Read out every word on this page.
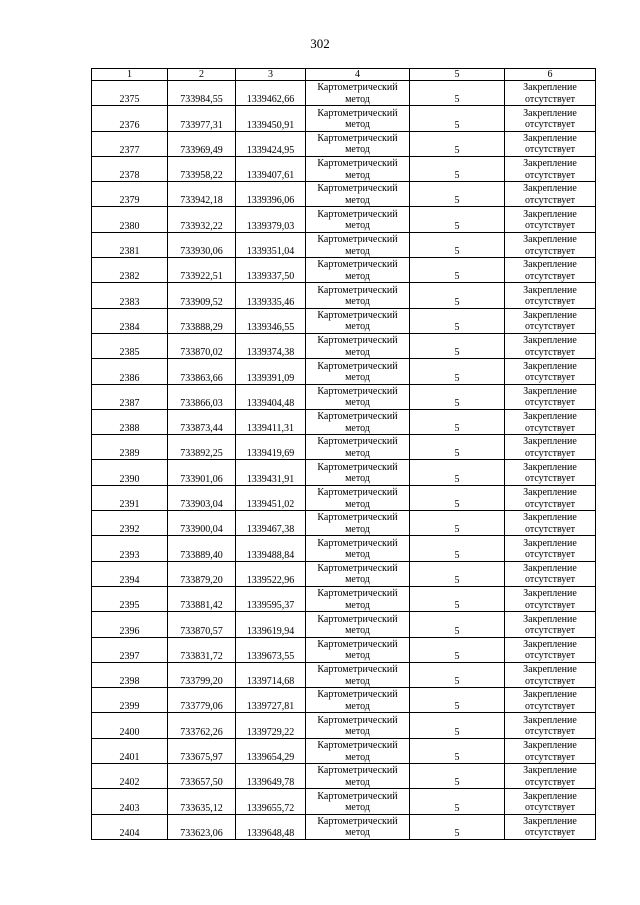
302
1	2	3	4	5	6
2375	733984,55	1339462,66	Картометрический метод	5	Закрепление отсутствует
2376	733977,31	1339450,91	Картометрический метод	5	Закрепление отсутствует
2377	733969,49	1339424,95	Картометрический метод	5	Закрепление отсутствует
2378	733958,22	1339407,61	Картометрический метод	5	Закрепление отсутствует
2379	733942,18	1339396,06	Картометрический метод	5	Закрепление отсутствует
2380	733932,22	1339379,03	Картометрический метод	5	Закрепление отсутствует
2381	733930,06	1339351,04	Картометрический метод	5	Закрепление отсутствует
2382	733922,51	1339337,50	Картометрический метод	5	Закрепление отсутствует
2383	733909,52	1339335,46	Картометрический метод	5	Закрепление отсутствует
2384	733888,29	1339346,55	Картометрический метод	5	Закрепление отсутствует
2385	733870,02	1339374,38	Картометрический метод	5	Закрепление отсутствует
2386	733863,66	1339391,09	Картометрический метод	5	Закрепление отсутствует
2387	733866,03	1339404,48	Картометрический метод	5	Закрепление отсутствует
2388	733873,44	1339411,31	Картометрический метод	5	Закрепление отсутствует
2389	733892,25	1339419,69	Картометрический метод	5	Закрепление отсутствует
2390	733901,06	1339431,91	Картометрический метод	5	Закрепление отсутствует
2391	733903,04	1339451,02	Картометрический метод	5	Закрепление отсутствует
2392	733900,04	1339467,38	Картометрический метод	5	Закрепление отсутствует
2393	733889,40	1339488,84	Картометрический метод	5	Закрепление отсутствует
2394	733879,20	1339522,96	Картометрический метод	5	Закрепление отсутствует
2395	733881,42	1339595,37	Картометрический метод	5	Закрепление отсутствует
2396	733870,57	1339619,94	Картометрический метод	5	Закрепление отсутствует
2397	733831,72	1339673,55	Картометрический метод	5	Закрепление отсутствует
2398	733799,20	1339714,68	Картометрический метод	5	Закрепление отсутствует
2399	733779,06	1339727,81	Картометрический метод	5	Закрепление отсутствует
2400	733762,26	1339729,22	Картометрический метод	5	Закрепление отсутствует
2401	733675,97	1339654,29	Картометрический метод	5	Закрепление отсутствует
2402	733657,50	1339649,78	Картометрический метод	5	Закрепление отсутствует
2403	733635,12	1339655,72	Картометрический метод	5	Закрепление отсутствует
2404	733623,06	1339648,48	Картометрический метод	5	Закрепление отсутствует
